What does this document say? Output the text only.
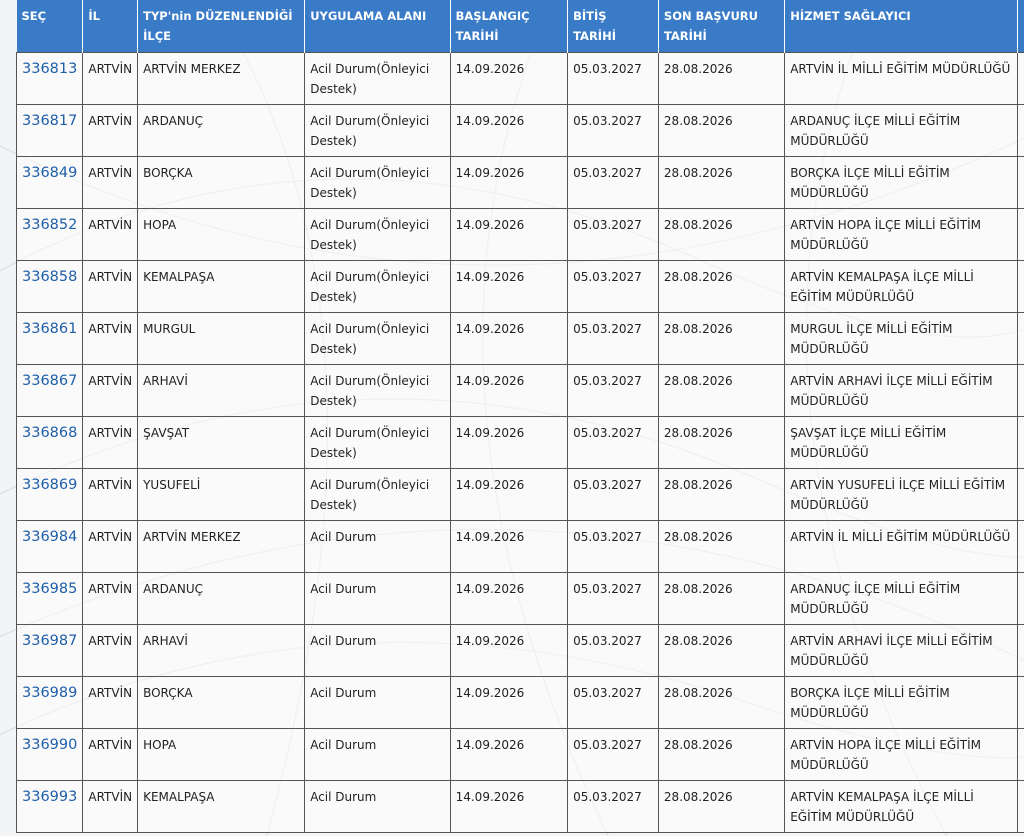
SEÇ	İL	TYP'nin DÜZENLENDİĞİ İLÇE	UYGULAMA ALANI	BAŞLANGIÇ TARİHİ	BİTİŞ TARİHİ	SON BAŞVURU TARİHİ	HİZMET SAĞLAYICI	
336813	ARTVİN	ARTVİN MERKEZ	Acil Durum(Önleyici Destek)	14.09.2026	05.03.2027	28.08.2026	ARTVİN İL MİLLİ EĞİTİM MÜDÜRLÜĞÜ	
336817	ARTVİN	ARDANUÇ	Acil Durum(Önleyici Destek)	14.09.2026	05.03.2027	28.08.2026	ARDANUÇ İLÇE MİLLİ EĞİTİM MÜDÜRLÜĞÜ	
336849	ARTVİN	BORÇKA	Acil Durum(Önleyici Destek)	14.09.2026	05.03.2027	28.08.2026	BORÇKA İLÇE MİLLİ EĞİTİM MÜDÜRLÜĞÜ	
336852	ARTVİN	HOPA	Acil Durum(Önleyici Destek)	14.09.2026	05.03.2027	28.08.2026	ARTVİN HOPA İLÇE MİLLİ EĞİTİM MÜDÜRLÜĞÜ	
336858	ARTVİN	KEMALPAŞA	Acil Durum(Önleyici Destek)	14.09.2026	05.03.2027	28.08.2026	ARTVİN KEMALPAŞA İLÇE MİLLİ EĞİTİM MÜDÜRLÜĞÜ	
336861	ARTVİN	MURGUL	Acil Durum(Önleyici Destek)	14.09.2026	05.03.2027	28.08.2026	MURGUL İLÇE MİLLİ EĞİTİM MÜDÜRLÜĞÜ	
336867	ARTVİN	ARHAVİ	Acil Durum(Önleyici Destek)	14.09.2026	05.03.2027	28.08.2026	ARTVİN ARHAVİ İLÇE MİLLİ EĞİTİM MÜDÜRLÜĞÜ	
336868	ARTVİN	ŞAVŞAT	Acil Durum(Önleyici Destek)	14.09.2026	05.03.2027	28.08.2026	ŞAVŞAT İLÇE MİLLİ EĞİTİM MÜDÜRLÜĞÜ	
336869	ARTVİN	YUSUFELİ	Acil Durum(Önleyici Destek)	14.09.2026	05.03.2027	28.08.2026	ARTVİN YUSUFELİ İLÇE MİLLİ EĞİTİM MÜDÜRLÜĞÜ	
336984	ARTVİN	ARTVİN MERKEZ	Acil Durum	14.09.2026	05.03.2027	28.08.2026	ARTVİN İL MİLLİ EĞİTİM MÜDÜRLÜĞÜ	
336985	ARTVİN	ARDANUÇ	Acil Durum	14.09.2026	05.03.2027	28.08.2026	ARDANUÇ İLÇE MİLLİ EĞİTİM MÜDÜRLÜĞÜ	
336987	ARTVİN	ARHAVİ	Acil Durum	14.09.2026	05.03.2027	28.08.2026	ARTVİN ARHAVİ İLÇE MİLLİ EĞİTİM MÜDÜRLÜĞÜ	
336989	ARTVİN	BORÇKA	Acil Durum	14.09.2026	05.03.2027	28.08.2026	BORÇKA İLÇE MİLLİ EĞİTİM MÜDÜRLÜĞÜ	
336990	ARTVİN	HOPA	Acil Durum	14.09.2026	05.03.2027	28.08.2026	ARTVİN HOPA İLÇE MİLLİ EĞİTİM MÜDÜRLÜĞÜ	
336993	ARTVİN	KEMALPAŞA	Acil Durum	14.09.2026	05.03.2027	28.08.2026	ARTVİN KEMALPAŞA İLÇE MİLLİ EĞİTİM MÜDÜRLÜĞÜ	
